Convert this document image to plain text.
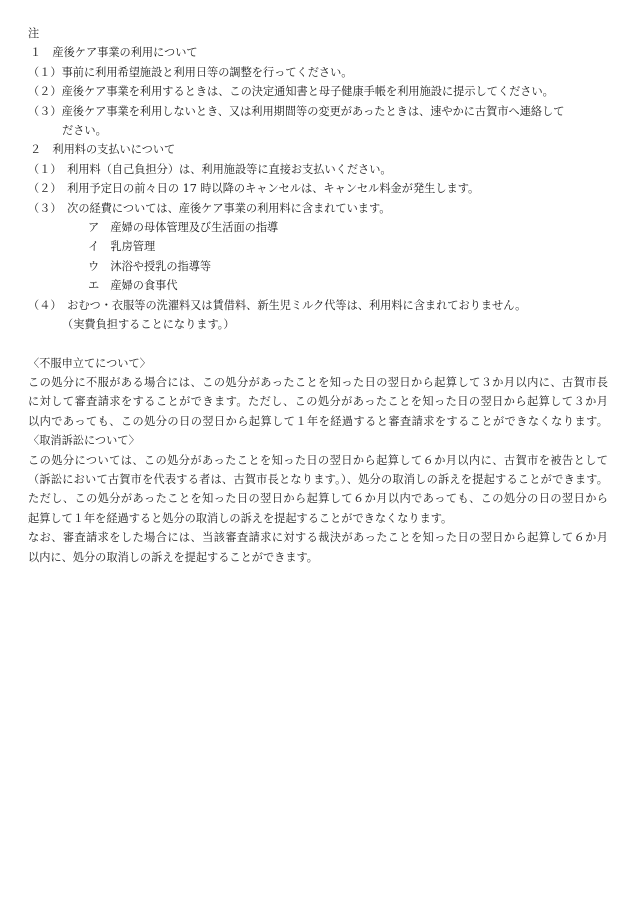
注
１　産後ケア事業の利用について
（１）事前に利用希望施設と利用日等の調整を行ってください。
（２）産後ケア事業を利用するときは、この決定通知書と母子健康手帳を利用施設に提示してください。
（３）産後ケア事業を利用しないとき、又は利用期間等の変更があったときは、速やかに古賀市へ連絡して
ださい。
２　利用料の支払いについて
（１）　利用料（自己負担分）は、利用施設等に直接お支払いください。
（２）　利用予定日の前々日の 17 時以降のキャンセルは、キャンセル料金が発生します。
（３）　次の経費については、産後ケア事業の利用料に含まれています。
ア　産婦の母体管理及び生活面の指導
イ　乳房管理
ウ　沐浴や授乳の指導等
エ　産婦の食事代
（４）　おむつ・衣服等の洗濯料又は賃借料、新生児ミルク代等は、利用料に含まれておりません。
（実費負担することになります。）
〈不服申立てについて〉
この処分に不服がある場合には、この処分があったことを知った日の翌日から起算して３か月以内に、古賀市長
に対して審査請求をすることができます。ただし、この処分があったことを知った日の翌日から起算して３か月
以内であっても、この処分の日の翌日から起算して１年を経過すると審査請求をすることができなくなります。
〈取消訴訟について〉
この処分については、この処分があったことを知った日の翌日から起算して６か月以内に、古賀市を被告として
（訴訟において古賀市を代表する者は、古賀市長となります。）、処分の取消しの訴えを提起することができます。
ただし、この処分があったことを知った日の翌日から起算して６か月以内であっても、この処分の日の翌日から
起算して１年を経過すると処分の取消しの訴えを提起することができなくなります。
なお、審査請求をした場合には、当該審査請求に対する裁決があったことを知った日の翌日から起算して６か月
以内に、処分の取消しの訴えを提起することができます。
